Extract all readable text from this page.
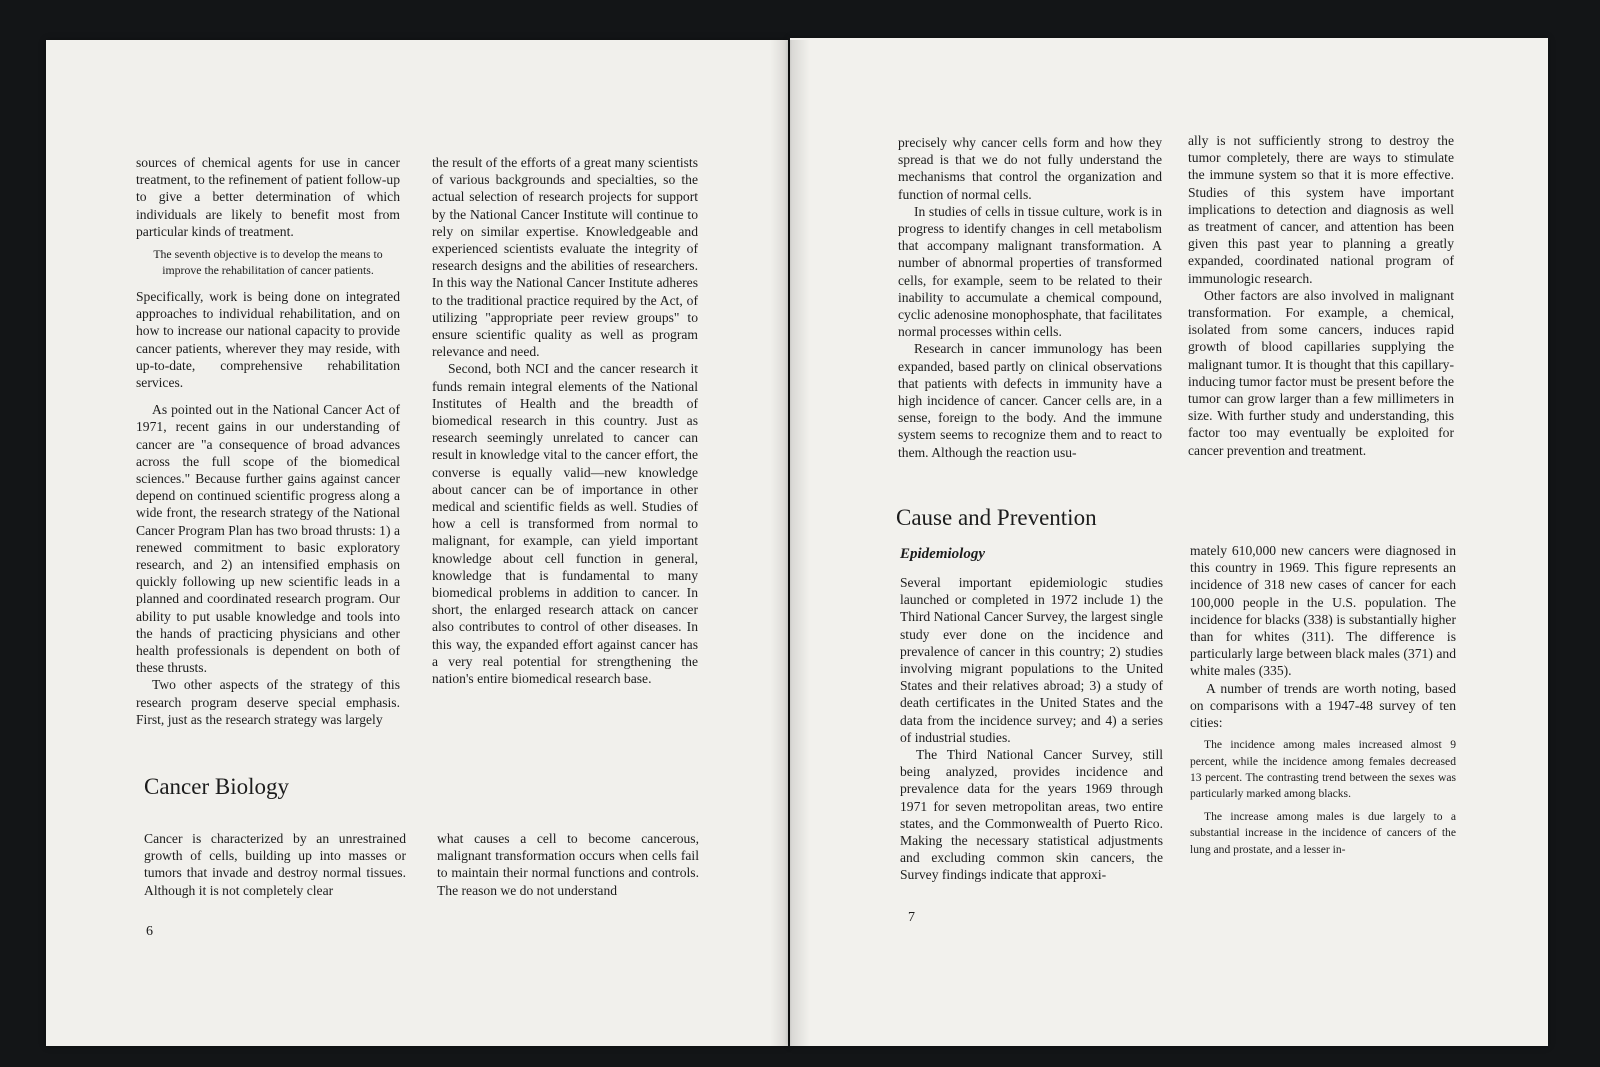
sources of chemical agents for use in cancer treatment, to the refinement of patient follow-up to give a better determination of which individuals are likely to benefit most from particular kinds of treatment.

The seventh objective is to develop the means to improve the rehabilitation of cancer patients.

Specifically, work is being done on integrated approaches to individual rehabilitation, and on how to increase our national capacity to provide cancer patients, wherever they may reside, with up-to-date, comprehensive rehabilitation services.

As pointed out in the National Cancer Act of 1971, recent gains in our understanding of cancer are "a consequence of broad advances across the full scope of the biomedical sciences." Because further gains against cancer depend on continued scientific progress along a wide front, the research strategy of the National Cancer Program Plan has two broad thrusts: 1) a renewed commitment to basic exploratory research, and 2) an intensified emphasis on quickly following up new scientific leads in a planned and coordinated research program. Our ability to put usable knowledge and tools into the hands of practicing physicians and other health professionals is dependent on both of these thrusts.

Two other aspects of the strategy of this research program deserve special emphasis. First, just as the research strategy was largely

the result of the efforts of a great many scientists of various backgrounds and specialties, so the actual selection of research projects for support by the National Cancer Institute will continue to rely on similar expertise. Knowledgeable and experienced scientists evaluate the integrity of research designs and the abilities of researchers. In this way the National Cancer Institute adheres to the traditional practice required by the Act, of utilizing "appropriate peer review groups" to ensure scientific quality as well as program relevance and need.

Second, both NCI and the cancer research it funds remain integral elements of the National Institutes of Health and the breadth of biomedical research in this country. Just as research seemingly unrelated to cancer can result in knowledge vital to the cancer effort, the converse is equally valid—new knowledge about cancer can be of importance in other medical and scientific fields as well. Studies of how a cell is transformed from normal to malignant, for example, can yield important knowledge about cell function in general, knowledge that is fundamental to many biomedical problems in addition to cancer. In short, the enlarged research attack on cancer also contributes to control of other diseases. In this way, the expanded effort against cancer has a very real potential for strengthening the nation's entire biomedical research base.

Cancer Biology

Cancer is characterized by an unrestrained growth of cells, building up into masses or tumors that invade and destroy normal tissues. Although it is not completely clear

what causes a cell to become cancerous, malignant transformation occurs when cells fail to maintain their normal functions and controls. The reason we do not understand

6

precisely why cancer cells form and how they spread is that we do not fully understand the mechanisms that control the organization and function of normal cells.

In studies of cells in tissue culture, work is in progress to identify changes in cell metabolism that accompany malignant transformation. A number of abnormal properties of transformed cells, for example, seem to be related to their inability to accumulate a chemical compound, cyclic adenosine monophosphate, that facilitates normal processes within cells.

Research in cancer immunology has been expanded, based partly on clinical observations that patients with defects in immunity have a high incidence of cancer. Cancer cells are, in a sense, foreign to the body. And the immune system seems to recognize them and to react to them. Although the reaction usu-

ally is not sufficiently strong to destroy the tumor completely, there are ways to stimulate the immune system so that it is more effective. Studies of this system have important implications to detection and diagnosis as well as treatment of cancer, and attention has been given this past year to planning a greatly expanded, coordinated national program of immunologic research.

Other factors are also involved in malignant transformation. For example, a chemical, isolated from some cancers, induces rapid growth of blood capillaries supplying the malignant tumor. It is thought that this capillary-inducing tumor factor must be present before the tumor can grow larger than a few millimeters in size. With further study and understanding, this factor too may eventually be exploited for cancer prevention and treatment.

Cause and Prevention
Epidemiology

Several important epidemiologic studies launched or completed in 1972 include 1) the Third National Cancer Survey, the largest single study ever done on the incidence and prevalence of cancer in this country; 2) studies involving migrant populations to the United States and their relatives abroad; 3) a study of death certificates in the United States and the data from the incidence survey; and 4) a series of industrial studies.

The Third National Cancer Survey, still being analyzed, provides incidence and prevalence data for the years 1969 through 1971 for seven metropolitan areas, two entire states, and the Commonwealth of Puerto Rico. Making the necessary statistical adjustments and excluding common skin cancers, the Survey findings indicate that approxi-

mately 610,000 new cancers were diagnosed in this country in 1969. This figure represents an incidence of 318 new cases of cancer for each 100,000 people in the U.S. population. The incidence for blacks (338) is substantially higher than for whites (311). The difference is particularly large between black males (371) and white males (335).

A number of trends are worth noting, based on comparisons with a 1947-48 survey of ten cities:

The incidence among males increased almost 9 percent, while the incidence among females decreased 13 percent. The contrasting trend between the sexes was particularly marked among blacks.

The increase among males is due largely to a substantial increase in the incidence of cancers of the lung and prostate, and a lesser in-

7
